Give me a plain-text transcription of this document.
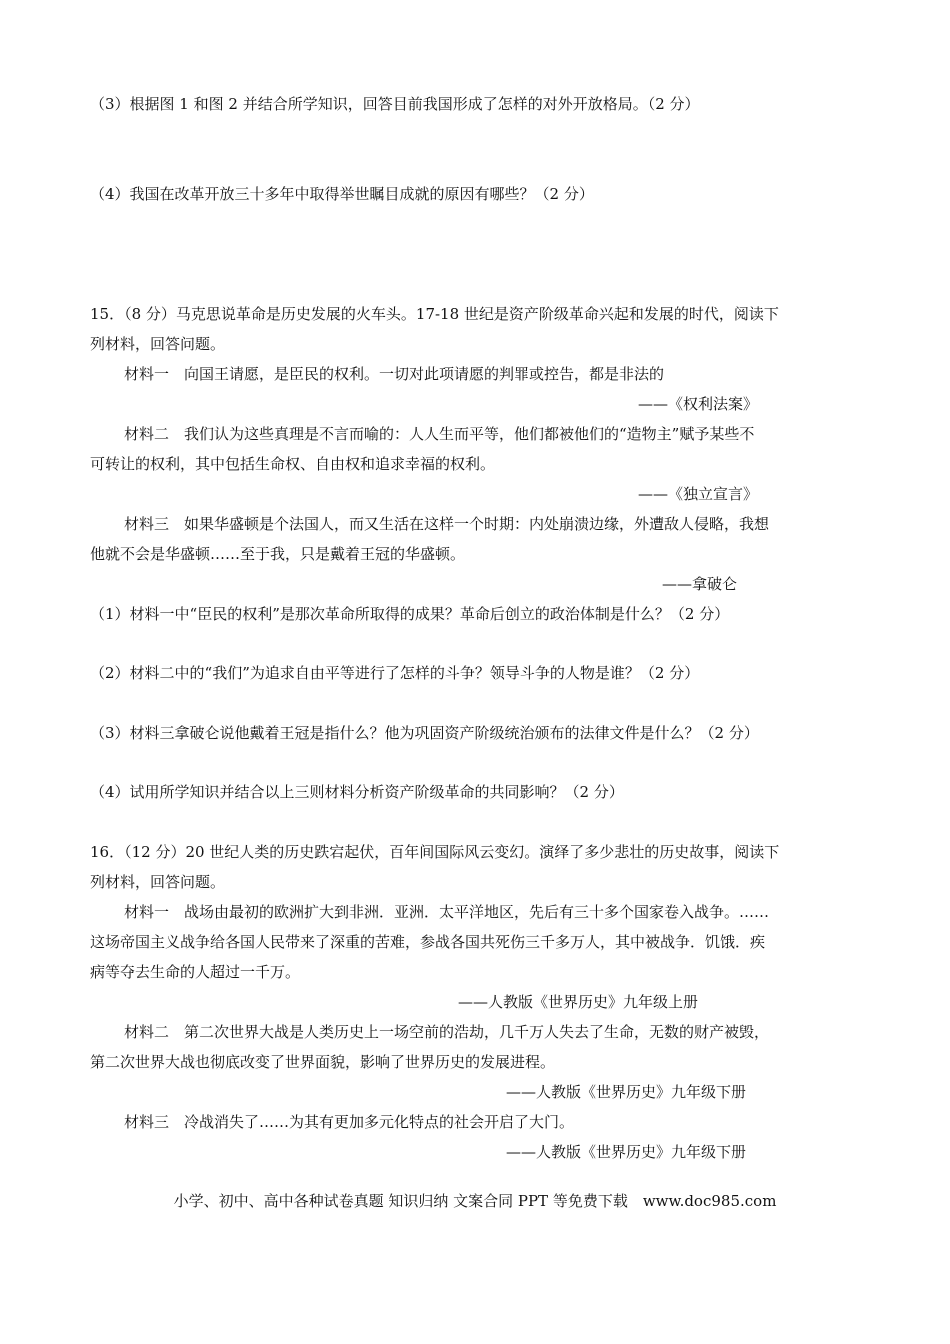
（3）根据图 1 和图 2 并结合所学知识，回答目前我国形成了怎样的对外开放格局。（2 分）
（4）我国在改革开放三十多年中取得举世瞩目成就的原因有哪些？（2 分）
15．（8 分）马克思说革命是历史发展的火车头。17-18 世纪是资产阶级革命兴起和发展的时代，阅读下
列材料，回答问题。
材料一　向国王请愿，是臣民的权利。一切对此项请愿的判罪或控告，都是非法的
——《权利法案》
材料二　我们认为这些真理是不言而喻的：人人生而平等，他们都被他们的“造物主”赋予某些不
可转让的权利，其中包括生命权、自由权和追求幸福的权利。
——《独立宣言》
材料三　如果华盛顿是个法国人，而又生活在这样一个时期：内处崩溃边缘，外遭敌人侵略，我想
他就不会是华盛顿……至于我，只是戴着王冠的华盛顿。
——拿破仑
（1）材料一中“臣民的权利”是那次革命所取得的成果？革命后创立的政治体制是什么？（2 分）
（2）材料二中的“我们”为追求自由平等进行了怎样的斗争？领导斗争的人物是谁？（2 分）
（3）材料三拿破仑说他戴着王冠是指什么？他为巩固资产阶级统治颁布的法律文件是什么？（2 分）
（4）试用所学知识并结合以上三则材料分析资产阶级革命的共同影响？（2 分）
16．（12 分）20 世纪人类的历史跌宕起伏，百年间国际风云变幻。演绎了多少悲壮的历史故事，阅读下
列材料，回答问题。
材料一　战场由最初的欧洲扩大到非洲．亚洲．太平洋地区，先后有三十多个国家卷入战争。……
这场帝国主义战争给各国人民带来了深重的苦难，参战各国共死伤三千多万人，其中被战争．饥饿．疾
病等夺去生命的人超过一千万。
——人教版《世界历史》九年级上册
材料二　第二次世界大战是人类历史上一场空前的浩劫，几千万人失去了生命，无数的财产被毁，
第二次世界大战也彻底改变了世界面貌，影响了世界历史的发展进程。
——人教版《世界历史》九年级下册
材料三　冷战消失了……为其有更加多元化特点的社会开启了大门。
——人教版《世界历史》九年级下册
小学、初中、高中各种试卷真题 知识归纳 文案合同 PPT 等免费下载　www.doc985.com
